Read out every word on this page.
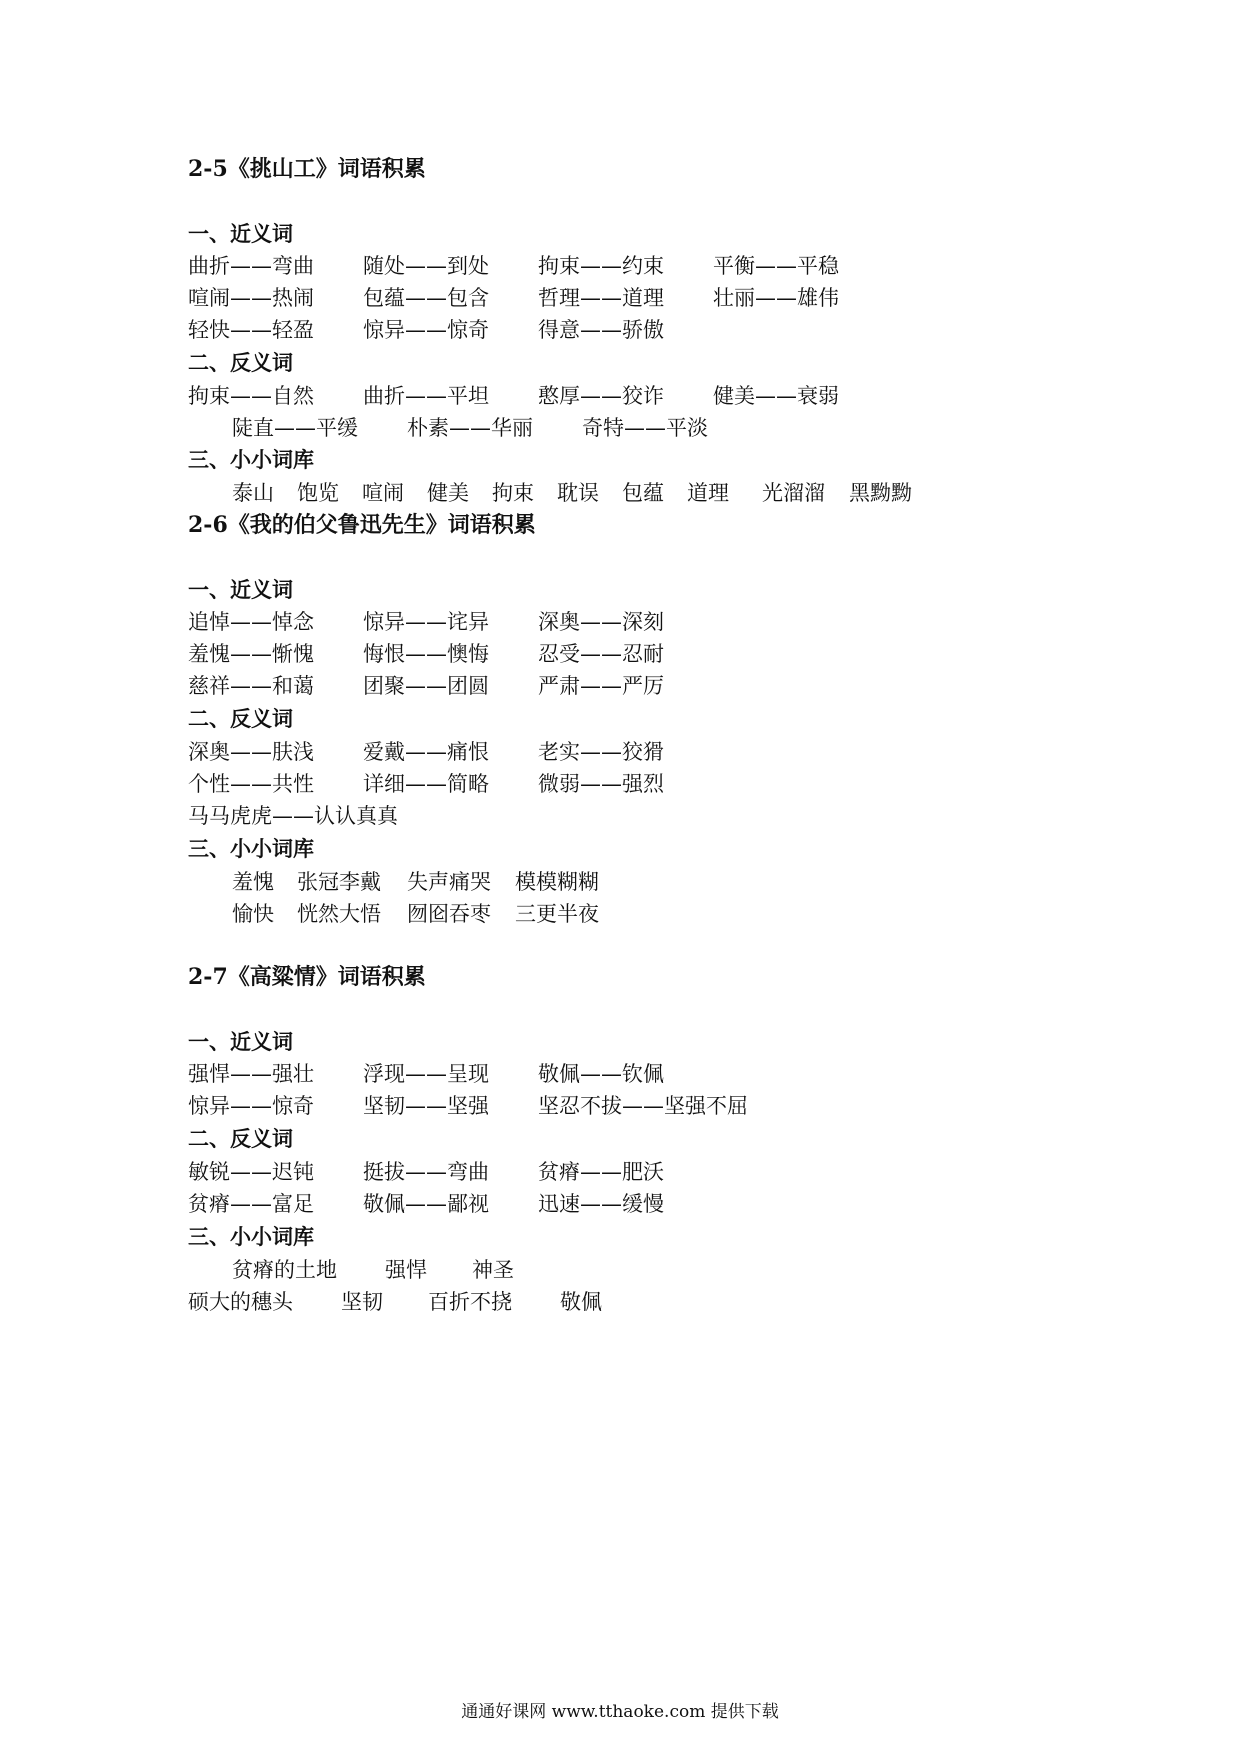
2-5《挑山工》词语积累
一、近义词
曲折——弯曲 随处——到处 拘束——约束 平衡——平稳
喧闹——热闹 包蕴——包含 哲理——道理 壮丽——雄伟
轻快——轻盈 惊异——惊奇 得意——骄傲
二、反义词
拘束——自然 曲折——平坦 憨厚——狡诈 健美——衰弱
陡直——平缓 朴素——华丽 奇特——平淡
三、小小词库
泰山 饱览 喧闹 健美 拘束 耽误 包蕴 道理 光溜溜 黑黝黝
2-6《我的伯父鲁迅先生》词语积累
一、近义词
追悼——悼念 惊异——诧异 深奥——深刻
羞愧——惭愧 悔恨——懊悔 忍受——忍耐
慈祥——和蔼 团聚——团圆 严肃——严厉
二、反义词
深奥——肤浅 爱戴——痛恨 老实——狡猾
个性——共性 详细——简略 微弱——强烈
马马虎虎——认认真真
三、小小词库
羞愧 张冠李戴 失声痛哭 模模糊糊
愉快 恍然大悟 囫囵吞枣 三更半夜
2-7《高粱情》词语积累
一、近义词
强悍——强壮 浮现——呈现 敬佩——钦佩
惊异——惊奇 坚韧——坚强 坚忍不拔——坚强不屈
二、反义词
敏锐——迟钝 挺拔——弯曲 贫瘠——肥沃
贫瘠——富足 敬佩——鄙视 迅速——缓慢
三、小小词库
贫瘠的土地 强悍 神圣
硕大的穗头 坚韧 百折不挠 敬佩
通通好课网 www.tthaoke.com 提供下载
